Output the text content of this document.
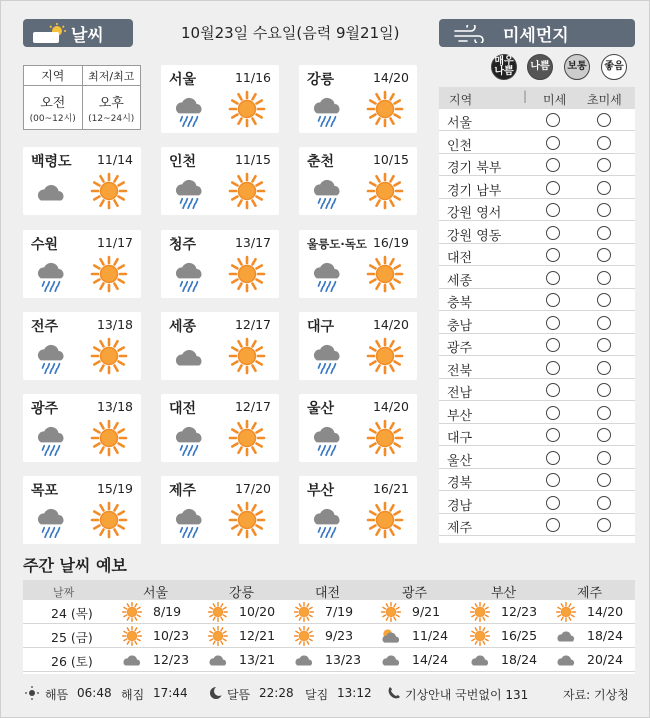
날씨	10월23일 수요일(음력 9월21일)	미세먼지
지역	최저/최고
오전
(00~12시)
오후
(12~24시)
서울	11/16	강릉	14/20
백령도 11/14	인천	11/15	춘천	10/15
수원	11/17	청주	13/17	울릉도·독도 16/19
전주	13/18	세종	12/17	대구	14/20
광주	13/18	대전	12/17	울산	14/20
목포	15/19	제주	17/20	부산	16/21
매우
나쁨 나쁨 보통 좋음
지역	| 미세 초미세
서울
인천
경기 북부
경기 남부
강원 영서
강원 영동
대전
세종
충북
충남
광주
전북
전남
부산
대구
울산
경북
경남
제주
주간 날씨 예보
날짜	서울	강릉	대전	광주	부산	제주
24 (목)	8/19	10/20	7/19	9/21	12/23	14/20
25 (금)	10/23	12/21	9/23	11/24	16/25	18/24
26 (토)	12/23	13/21	13/23	14/24	18/24	20/24
해뜸 06:48 해짐 17:44	달뜸 22:28 달짐 13:12	기상안내 국번없이 131	자료: 기상청
